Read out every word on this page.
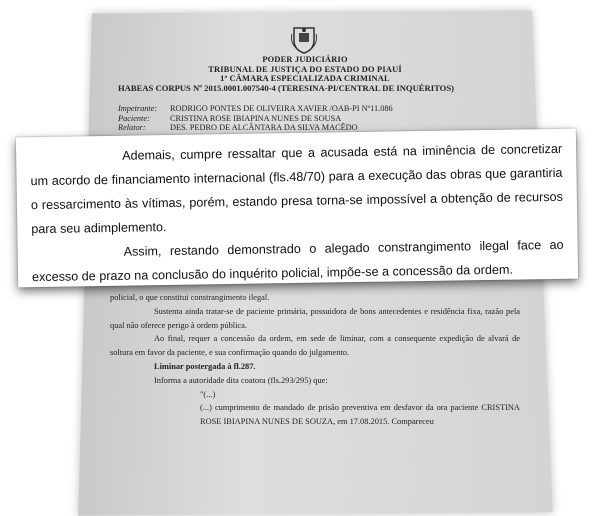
PODER JUDICIÁRIO
TRIBUNAL DE JUSTIÇA DO ESTADO DO PIAUÍ
1ª CÂMARA ESPECIALIZADA CRIMINAL
HABEAS CORPUS Nº 2015.0001.007540-4 (TERESINA-PI/CENTRAL DE INQUÉRITOS)
Impetrante:	RODRIGO PONTES DE OLIVEIRA XAVIER /OAB-PI Nº11.086
Paciente:	CRISTINA ROSE IBIAPINA NUNES DE SOUSA
Relator:	DES. PEDRO DE ALCÂNTARA DA SILVA MACÊDO

policial, o que constitui constrangimento ilegal.

Sustenta ainda tratar-se de paciente primária, possuidora de bons antecedentes e residência fixa, razão pela qual não oferece perigo à ordem pública.

Ao final, requer a concessão da ordem, em sede de liminar, com a consequente expedição de alvará de soltura em favor da paciente, e sua confirmação quando do julgamento.

Liminar postergada à fl.287.

Informa a autoridade dita coatora (fls.293/295) que:

"(...)

(...) cumprimento de mandado de prisão preventiva em desfavor da ora paciente CRISTINA ROSE IBIAPINA NUNES DE SOUZA, em 17.08.2015. Compareceu

Ademais, cumpre ressaltar que a acusada está na iminência de concretizar um acordo de financiamento internacional (fls.48/70) para a execução das obras que garantiria o ressarcimento às vítimas, porém, estando presa torna-se impossível a obtenção de recursos para seu adimplemento.

Assim, restando demonstrado o alegado constrangimento ilegal face ao excesso de prazo na conclusão do inquérito policial, impõe-se a concessão da ordem.
